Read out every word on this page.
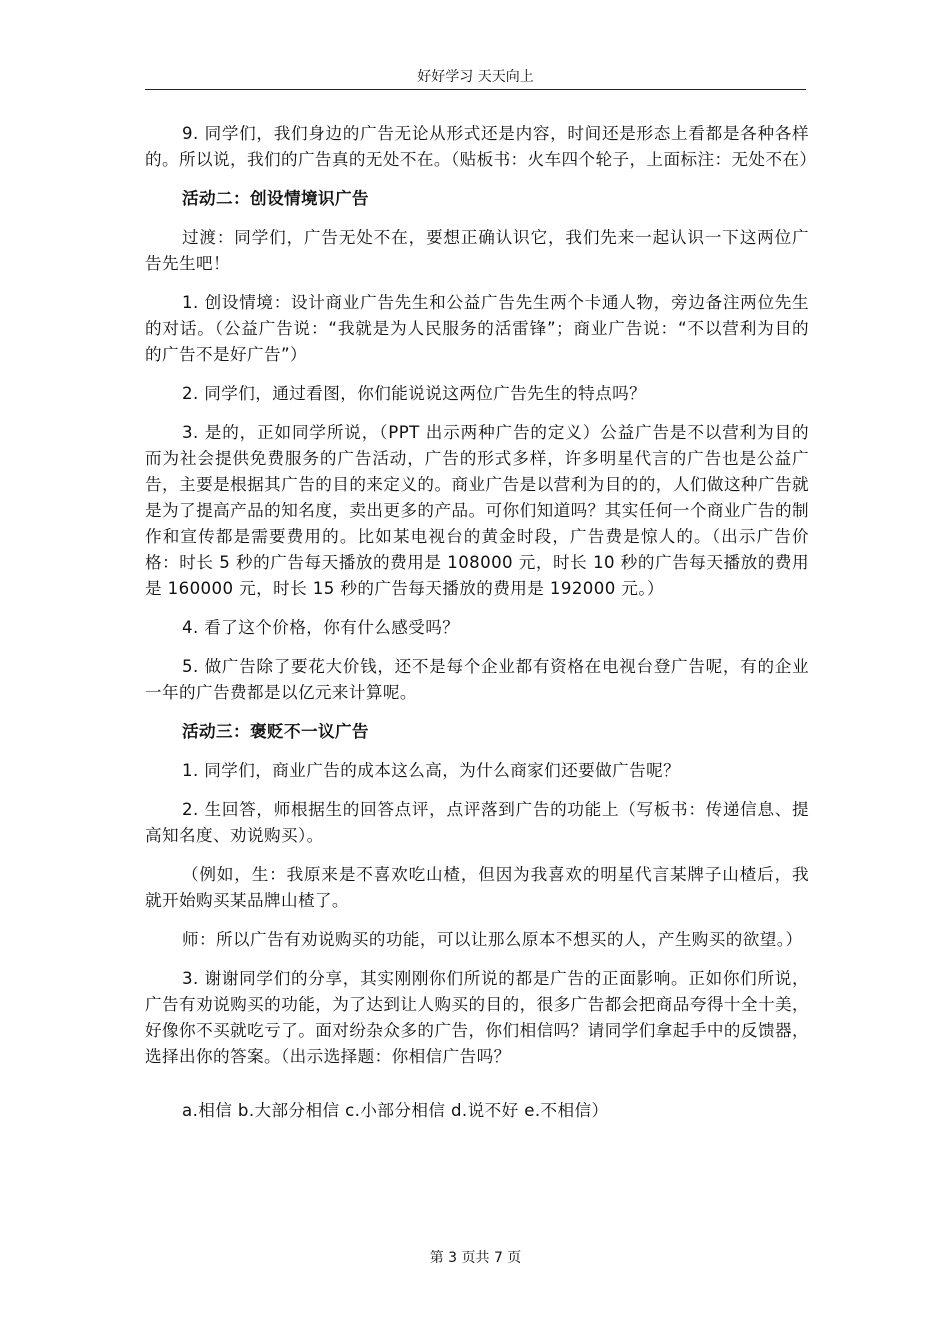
好好学习 天天向上

9. 同学们，我们身边的广告无论从形式还是内容，时间还是形态上看都是各种各样的。所以说，我们的广告真的无处不在。（贴板书：火车四个轮子，上面标注：无处不在）

活动二：创设情境识广告

过渡：同学们，广告无处不在，要想正确认识它，我们先来一起认识一下这两位广告先生吧！

1. 创设情境：设计商业广告先生和公益广告先生两个卡通人物，旁边备注两位先生的对话。（公益广告说：“我就是为人民服务的活雷锋”；商业广告说：“不以营利为目的的广告不是好广告”）

2. 同学们，通过看图，你们能说说这两位广告先生的特点吗？

3. 是的，正如同学所说，（PPT 出示两种广告的定义）公益广告是不以营利为目的而为社会提供免费服务的广告活动，广告的形式多样，许多明星代言的广告也是公益广告，主要是根据其广告的目的来定义的。商业广告是以营利为目的的，人们做这种广告就是为了提高产品的知名度，卖出更多的产品。可你们知道吗？其实任何一个商业广告的制作和宣传都是需要费用的。比如某电视台的黄金时段，广告费是惊人的。（出示广告价格：时长 5 秒的广告每天播放的费用是 108000 元，时长 10 秒的广告每天播放的费用是 160000 元，时长 15 秒的广告每天播放的费用是 192000 元。）

4. 看了这个价格，你有什么感受吗？

5. 做广告除了要花大价钱，还不是每个企业都有资格在电视台登广告呢，有的企业一年的广告费都是以亿元来计算呢。

活动三：褒贬不一议广告

1. 同学们，商业广告的成本这么高，为什么商家们还要做广告呢？

2. 生回答，师根据生的回答点评，点评落到广告的功能上（写板书：传递信息、提高知名度、劝说购买）。

（例如，生：我原来是不喜欢吃山楂，但因为我喜欢的明星代言某牌子山楂后，我就开始购买某品牌山楂了。

师：所以广告有劝说购买的功能，可以让那么原本不想买的人，产生购买的欲望。）

3. 谢谢同学们的分享，其实刚刚你们所说的都是广告的正面影响。正如你们所说，广告有劝说购买的功能，为了达到让人购买的目的，很多广告都会把商品夸得十全十美，好像你不买就吃亏了。面对纷杂众多的广告，你们相信吗？请同学们拿起手中的反馈器，选择出你的答案。（出示选择题：你相信广告吗？

a.相信 b.大部分相信 c.小部分相信 d.说不好 e.不相信）

第 3 页共 7 页
